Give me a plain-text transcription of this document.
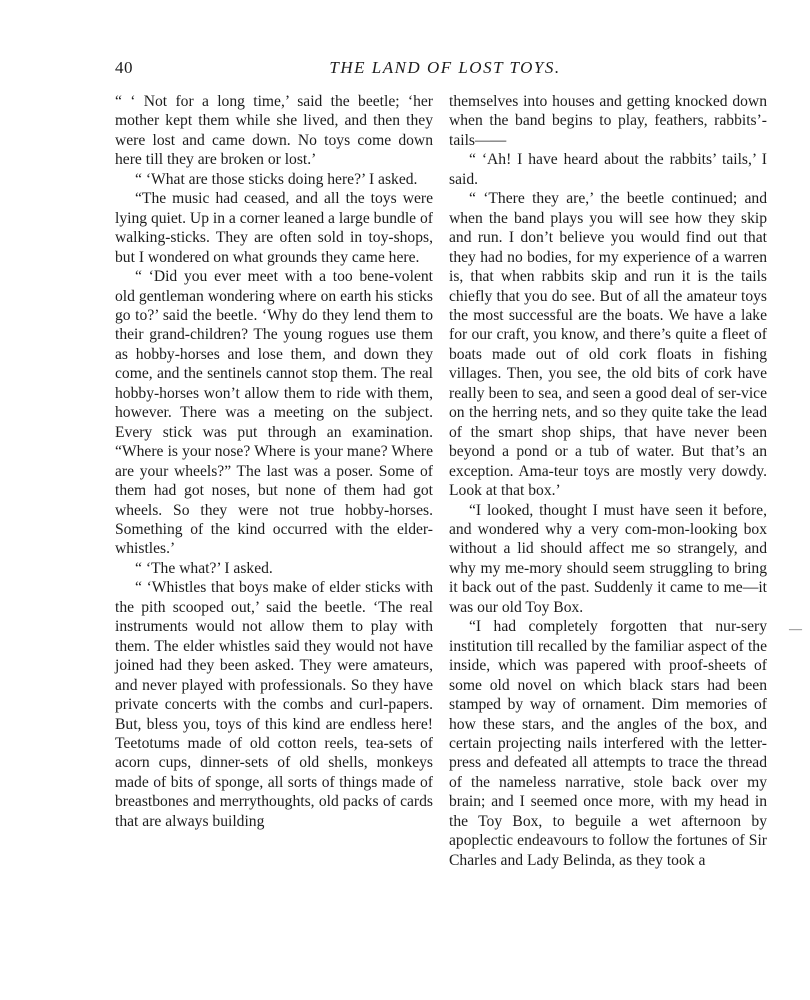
40	THE LAND OF LOST TOYS.

“ ‘ Not for a long time,’ said the beetle; ‘her mother kept them while she lived, and then they were lost and came down. No toys come down here till they are broken or lost.’

“ ‘What are those sticks doing here?’ I asked.

“The music had ceased, and all the toys were lying quiet. Up in a corner leaned a large bundle of walking-sticks. They are often sold in toy-shops, but I wondered on what grounds they came here.

“ ‘Did you ever meet with a too bene-volent old gentleman wondering where on earth his sticks go to?’ said the beetle. ‘Why do they lend them to their grand-children? The young rogues use them as hobby-horses and lose them, and down they come, and the sentinels cannot stop them. The real hobby-horses won’t allow them to ride with them, however. There was a meeting on the subject. Every stick was put through an examination. “Where is your nose? Where is your mane? Where are your wheels?” The last was a poser. Some of them had got noses, but none of them had got wheels. So they were not true hobby-horses. Something of the kind occurred with the elder-whistles.’

“ ‘The what?’ I asked.

“ ‘Whistles that boys make of elder sticks with the pith scooped out,’ said the beetle. ‘The real instruments would not allow them to play with them. The elder whistles said they would not have joined had they been asked. They were amateurs, and never played with professionals. So they have private concerts with the combs and curl-papers. But, bless you, toys of this kind are endless here! Teetotums made of old cotton reels, tea-sets of acorn cups, dinner-sets of old shells, monkeys made of bits of sponge, all sorts of things made of breastbones and merrythoughts, old packs of cards that are always building

themselves into houses and getting knocked down when the band begins to play, feathers, rabbits’-tails——

“ ‘Ah! I have heard about the rabbits’ tails,’ I said.

“ ‘There they are,’ the beetle continued; and when the band plays you will see how they skip and run. I don’t believe you would find out that they had no bodies, for my experience of a warren is, that when rabbits skip and run it is the tails chiefly that you do see. But of all the amateur toys the most successful are the boats. We have a lake for our craft, you know, and there’s quite a fleet of boats made out of old cork floats in fishing villages. Then, you see, the old bits of cork have really been to sea, and seen a good deal of ser-vice on the herring nets, and so they quite take the lead of the smart shop ships, that have never been beyond a pond or a tub of water. But that’s an exception. Ama-teur toys are mostly very dowdy. Look at that box.’

“I looked, thought I must have seen it before, and wondered why a very com-mon-looking box without a lid should affect me so strangely, and why my me-mory should seem struggling to bring it back out of the past. Suddenly it came to me—it was our old Toy Box.

“I had completely forgotten that nur-sery institution till recalled by the familiar aspect of the inside, which was papered with proof-sheets of some old novel on which black stars had been stamped by way of ornament. Dim memories of how these stars, and the angles of the box, and certain projecting nails interfered with the letter-press and defeated all attempts to trace the thread of the nameless narrative, stole back over my brain; and I seemed once more, with my head in the Toy Box, to beguile a wet afternoon by apoplectic endeavours to follow the fortunes of Sir Charles and Lady Belinda, as they took a

—
